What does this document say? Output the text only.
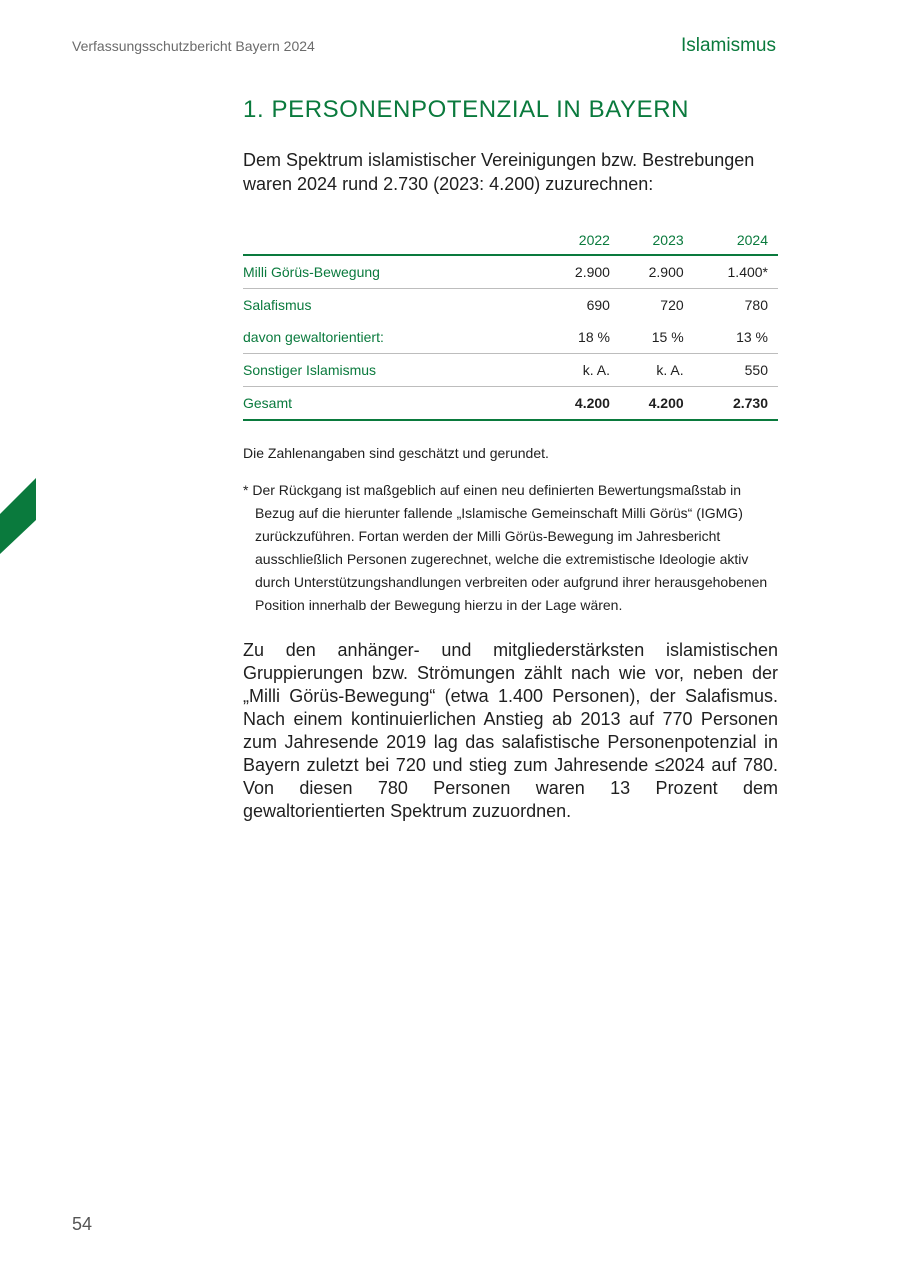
Verfassungsschutzbericht Bayern 2024	Islamismus
1. PERSONENPOTENZIAL IN BAYERN

Dem Spektrum islamistischer Vereinigungen bzw. Bestrebungen waren 2024 rund 2.730 (2023: 4.200) zuzurechnen:

	2022	2023	2024
Milli Görüs-Bewegung	2.900	2.900	1.400*
Salafismus	690	720	780
davon gewaltorientiert:	18 %	15 %	13 %
Sonstiger Islamismus	k. A.	k. A.	550
Gesamt	4.200	4.200	2.730

Die Zahlenangaben sind geschätzt und gerundet.

* Der Rückgang ist maßgeblich auf einen neu definierten Bewertungsmaßstab in Bezug auf die hierunter fallende „Islamische Gemeinschaft Milli Görüs“ (IGMG) zurückzuführen. Fortan werden der Milli Görüs-Bewegung im Jahresbericht ausschließlich Personen zugerechnet, welche die extremistische Ideologie aktiv durch Unterstützungshandlungen verbreiten oder aufgrund ihrer herausgehobenen Position innerhalb der Bewegung hierzu in der Lage wären.

Zu den anhänger- und mitgliederstärksten islamistischen Gruppierungen bzw. Strömungen zählt nach wie vor, neben der „Milli Görüs-Bewegung“ (etwa 1.400 Personen), der Salafismus. Nach einem kontinuierlichen Anstieg ab 2013 auf 770 Personen zum Jahresende 2019 lag das salafistische Personenpotenzial in Bayern zuletzt bei 720 und stieg zum Jahresende ≤2024 auf 780. Von diesen 780 Personen waren 13 Prozent dem gewaltorientierten Spektrum zuzuordnen.

54
